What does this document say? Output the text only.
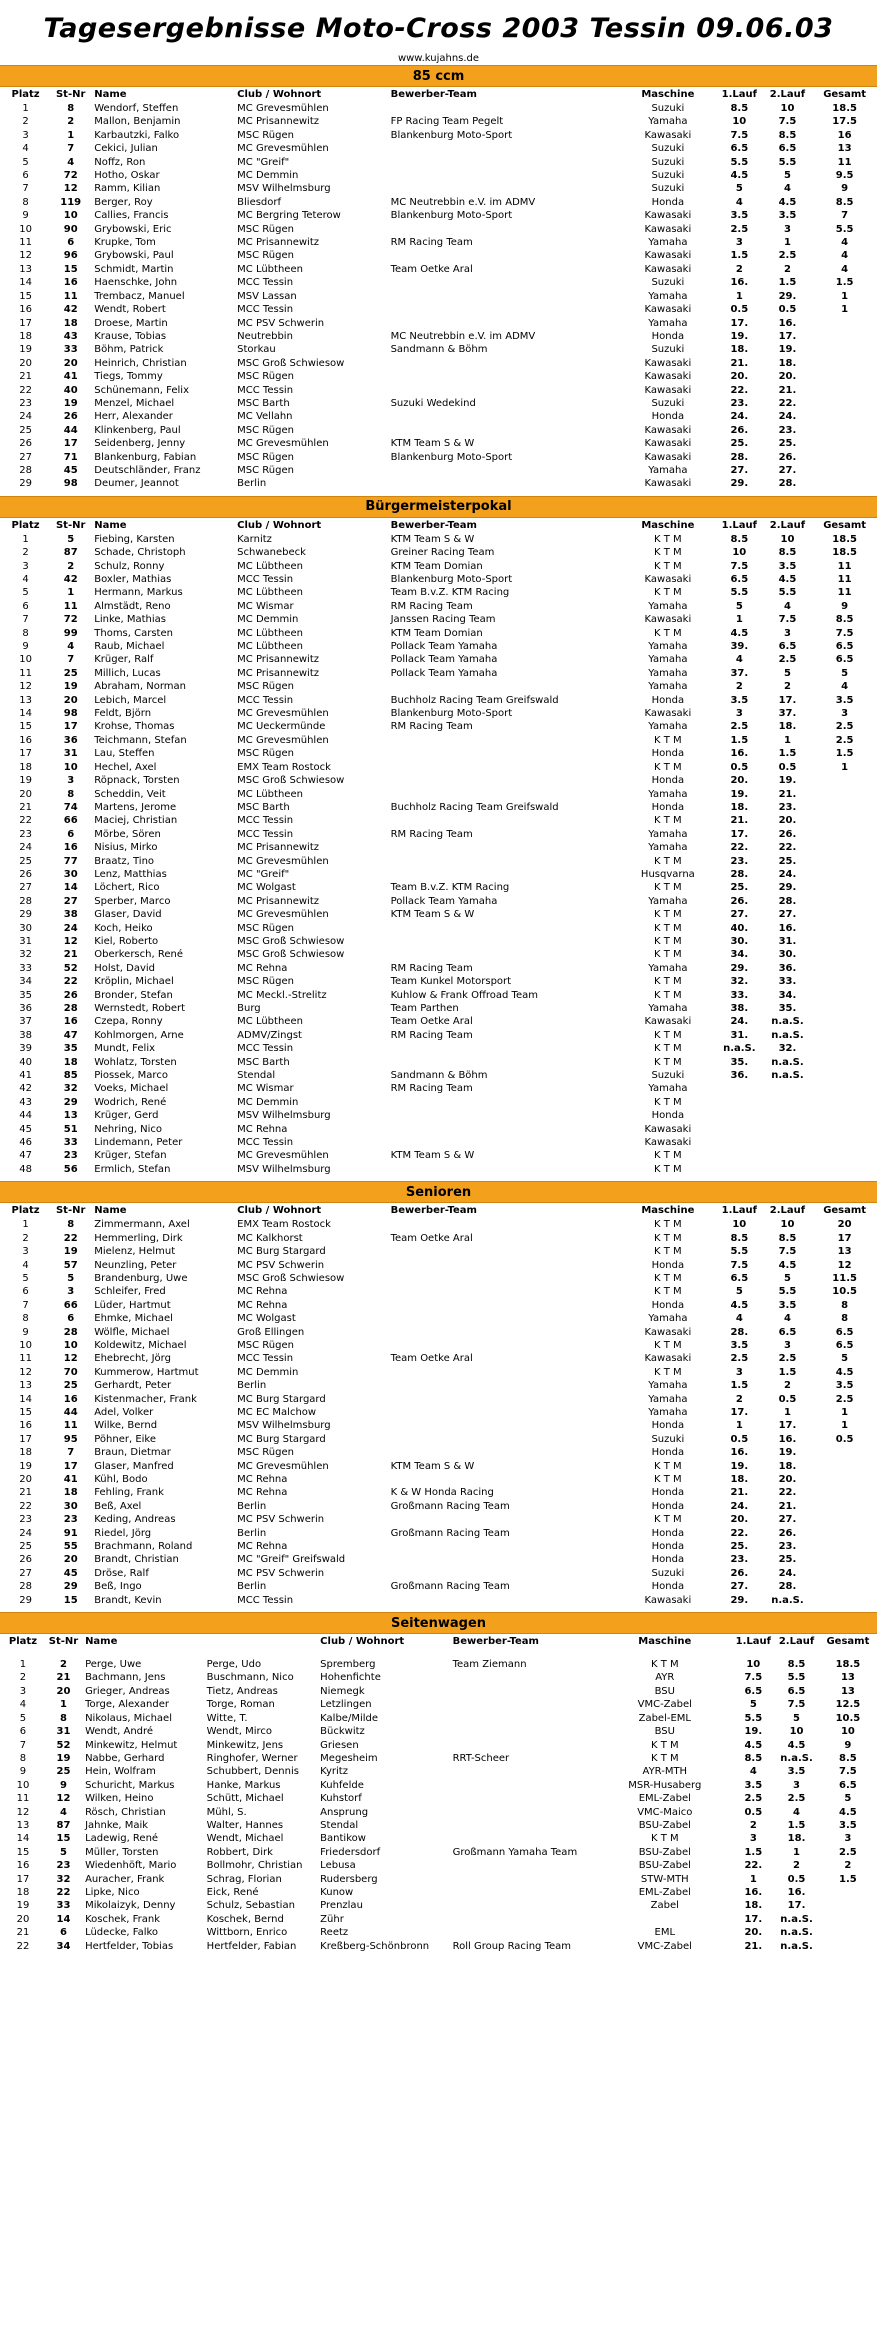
Tagesergebnisse Moto-Cross 2003 Tessin 09.06.03
www.kujahns.de
85 ccm
Platz	St-Nr	Name	Club / Wohnort	Bewerber-Team	Maschine	1.Lauf	2.Lauf	Gesamt
1	8	Wendorf, Steffen	MC Grevesmühlen		Suzuki	8.5	10	18.5
2	2	Mallon, Benjamin	MC Prisannewitz	FP Racing Team Pegelt	Yamaha	10	7.5	17.5
3	1	Karbautzki, Falko	MSC Rügen	Blankenburg Moto-Sport	Kawasaki	7.5	8.5	16
4	7	Cekici, Julian	MC Grevesmühlen		Suzuki	6.5	6.5	13
5	4	Noffz, Ron	MC "Greif"		Suzuki	5.5	5.5	11
6	72	Hotho, Oskar	MC Demmin		Suzuki	4.5	5	9.5
7	12	Ramm, Kilian	MSV Wilhelmsburg		Suzuki	5	4	9
8	119	Berger, Roy	Bliesdorf	MC Neutrebbin e.V. im ADMV	Honda	4	4.5	8.5
9	10	Callies, Francis	MC Bergring Teterow	Blankenburg Moto-Sport	Kawasaki	3.5	3.5	7
10	90	Grybowski, Eric	MSC Rügen		Kawasaki	2.5	3	5.5
11	6	Krupke, Tom	MC Prisannewitz	RM Racing Team	Yamaha	3	1	4
12	96	Grybowski, Paul	MSC Rügen		Kawasaki	1.5	2.5	4
13	15	Schmidt, Martin	MC Lübtheen	Team Oetke Aral	Kawasaki	2	2	4
14	16	Haenschke, John	MCC Tessin		Suzuki	16.	1.5	1.5
15	11	Trembacz, Manuel	MSV Lassan		Yamaha	1	29.	1
16	42	Wendt, Robert	MCC Tessin		Kawasaki	0.5	0.5	1
17	18	Droese, Martin	MC PSV Schwerin		Yamaha	17.	16.	
18	43	Krause, Tobias	Neutrebbin	MC Neutrebbin e.V. im ADMV	Honda	19.	17.	
19	33	Böhm, Patrick	Storkau	Sandmann & Böhm	Suzuki	18.	19.	
20	20	Heinrich, Christian	MSC Groß Schwiesow		Kawasaki	21.	18.	
21	41	Tiegs, Tommy	MSC Rügen		Kawasaki	20.	20.	
22	40	Schünemann, Felix	MCC Tessin		Kawasaki	22.	21.	
23	19	Menzel, Michael	MSC Barth	Suzuki Wedekind	Suzuki	23.	22.	
24	26	Herr, Alexander	MC Vellahn		Honda	24.	24.	
25	44	Klinkenberg, Paul	MSC Rügen		Kawasaki	26.	23.	
26	17	Seidenberg, Jenny	MC Grevesmühlen	KTM Team S & W	Kawasaki	25.	25.	
27	71	Blankenburg, Fabian	MSC Rügen	Blankenburg Moto-Sport	Kawasaki	28.	26.	
28	45	Deutschländer, Franz	MSC Rügen		Yamaha	27.	27.	
29	98	Deumer, Jeannot	Berlin		Kawasaki	29.	28.	
Bürgermeisterpokal
Platz	St-Nr	Name	Club / Wohnort	Bewerber-Team	Maschine	1.Lauf	2.Lauf	Gesamt
1	5	Fiebing, Karsten	Karnitz	KTM Team S & W	K T M	8.5	10	18.5
2	87	Schade, Christoph	Schwanebeck	Greiner Racing Team	K T M	10	8.5	18.5
3	2	Schulz, Ronny	MC Lübtheen	KTM Team Domian	K T M	7.5	3.5	11
4	42	Boxler, Mathias	MCC Tessin	Blankenburg Moto-Sport	Kawasaki	6.5	4.5	11
5	1	Hermann, Markus	MC Lübtheen	Team B.v.Z. KTM Racing	K T M	5.5	5.5	11
6	11	Almstädt, Reno	MC Wismar	RM Racing Team	Yamaha	5	4	9
7	72	Linke, Mathias	MC Demmin	Janssen Racing Team	Kawasaki	1	7.5	8.5
8	99	Thoms, Carsten	MC Lübtheen	KTM Team Domian	K T M	4.5	3	7.5
9	4	Raub, Michael	MC Lübtheen	Pollack Team Yamaha	Yamaha	39.	6.5	6.5
10	7	Krüger, Ralf	MC Prisannewitz	Pollack Team Yamaha	Yamaha	4	2.5	6.5
11	25	Millich, Lucas	MC Prisannewitz	Pollack Team Yamaha	Yamaha	37.	5	5
12	19	Abraham, Norman	MSC Rügen		Yamaha	2	2	4
13	20	Lebich, Marcel	MCC Tessin	Buchholz Racing Team Greifswald	Honda	3.5	17.	3.5
14	98	Feldt, Björn	MC Grevesmühlen	Blankenburg Moto-Sport	Kawasaki	3	37.	3
15	17	Krohse, Thomas	MC Ueckermünde	RM Racing Team	Yamaha	2.5	18.	2.5
16	36	Teichmann, Stefan	MC Grevesmühlen		K T M	1.5	1	2.5
17	31	Lau, Steffen	MSC Rügen		Honda	16.	1.5	1.5
18	10	Hechel, Axel	EMX Team Rostock		K T M	0.5	0.5	1
19	3	Röpnack, Torsten	MSC Groß Schwiesow		Honda	20.	19.	
20	8	Scheddin, Veit	MC Lübtheen		Yamaha	19.	21.	
21	74	Martens, Jerome	MSC Barth	Buchholz Racing Team Greifswald	Honda	18.	23.	
22	66	Maciej, Christian	MCC Tessin		K T M	21.	20.	
23	6	Mörbe, Sören	MCC Tessin	RM Racing Team	Yamaha	17.	26.	
24	16	Nisius, Mirko	MC Prisannewitz		Yamaha	22.	22.	
25	77	Braatz, Tino	MC Grevesmühlen		K T M	23.	25.	
26	30	Lenz, Matthias	MC "Greif"		Husqvarna	28.	24.	
27	14	Löchert, Rico	MC Wolgast	Team B.v.Z. KTM Racing	K T M	25.	29.	
28	27	Sperber, Marco	MC Prisannewitz	Pollack Team Yamaha	Yamaha	26.	28.	
29	38	Glaser, David	MC Grevesmühlen	KTM Team S & W	K T M	27.	27.	
30	24	Koch, Heiko	MSC Rügen		K T M	40.	16.	
31	12	Kiel, Roberto	MSC Groß Schwiesow		K T M	30.	31.	
32	21	Oberkersch, René	MSC Groß Schwiesow		K T M	34.	30.	
33	52	Holst, David	MC Rehna	RM Racing Team	Yamaha	29.	36.	
34	22	Kröplin, Michael	MSC Rügen	Team Kunkel Motorsport	K T M	32.	33.	
35	26	Bronder, Stefan	MC Meckl.-Strelitz	Kuhlow & Frank Offroad Team	K T M	33.	34.	
36	28	Wernstedt, Robert	Burg	Team Parthen	Yamaha	38.	35.	
37	16	Czepa, Ronny	MC Lübtheen	Team Oetke Aral	Kawasaki	24.	n.a.S.	
38	47	Kohlmorgen, Arne	ADMV/Zingst	RM Racing Team	K T M	31.	n.a.S.	
39	35	Mundt, Felix	MCC Tessin		K T M	n.a.S.	32.	
40	18	Wohlatz, Torsten	MSC Barth		K T M	35.	n.a.S.	
41	85	Piossek, Marco	Stendal	Sandmann & Böhm	Suzuki	36.	n.a.S.	
42	32	Voeks, Michael	MC Wismar	RM Racing Team	Yamaha			
43	29	Wodrich, René	MC Demmin		K T M			
44	13	Krüger, Gerd	MSV Wilhelmsburg		Honda			
45	51	Nehring, Nico	MC Rehna		Kawasaki			
46	33	Lindemann, Peter	MCC Tessin		Kawasaki			
47	23	Krüger, Stefan	MC Grevesmühlen	KTM Team S & W	K T M			
48	56	Ermlich, Stefan	MSV Wilhelmsburg		K T M			
Senioren
Platz	St-Nr	Name	Club / Wohnort	Bewerber-Team	Maschine	1.Lauf	2.Lauf	Gesamt
1	8	Zimmermann, Axel	EMX Team Rostock		K T M	10	10	20
2	22	Hemmerling, Dirk	MC Kalkhorst	Team Oetke Aral	K T M	8.5	8.5	17
3	19	Mielenz, Helmut	MC Burg Stargard		K T M	5.5	7.5	13
4	57	Neunzling, Peter	MC PSV Schwerin		Honda	7.5	4.5	12
5	5	Brandenburg, Uwe	MSC Groß Schwiesow		K T M	6.5	5	11.5
6	3	Schleifer, Fred	MC Rehna		K T M	5	5.5	10.5
7	66	Lüder, Hartmut	MC Rehna		Honda	4.5	3.5	8
8	6	Ehmke, Michael	MC Wolgast		Yamaha	4	4	8
9	28	Wölfle, Michael	Groß Ellingen		Kawasaki	28.	6.5	6.5
10	10	Koldewitz, Michael	MSC Rügen		K T M	3.5	3	6.5
11	12	Ehebrecht, Jörg	MCC Tessin	Team Oetke Aral	Kawasaki	2.5	2.5	5
12	70	Kummerow, Hartmut	MC Demmin		K T M	3	1.5	4.5
13	25	Gerhardt, Peter	Berlin		Yamaha	1.5	2	3.5
14	16	Kistenmacher, Frank	MC Burg Stargard		Yamaha	2	0.5	2.5
15	44	Adel, Volker	MC EC Malchow		Yamaha	17.	1	1
16	11	Wilke, Bernd	MSV Wilhelmsburg		Honda	1	17.	1
17	95	Pöhner, Eike	MC Burg Stargard		Suzuki	0.5	16.	0.5
18	7	Braun, Dietmar	MSC Rügen		Honda	16.	19.	
19	17	Glaser, Manfred	MC Grevesmühlen	KTM Team S & W	K T M	19.	18.	
20	41	Kühl, Bodo	MC Rehna		K T M	18.	20.	
21	18	Fehling, Frank	MC Rehna	K & W Honda Racing	Honda	21.	22.	
22	30	Beß, Axel	Berlin	Großmann Racing Team	Honda	24.	21.	
23	23	Keding, Andreas	MC PSV Schwerin		K T M	20.	27.	
24	91	Riedel, Jörg	Berlin	Großmann Racing Team	Honda	22.	26.	
25	55	Brachmann, Roland	MC Rehna		Honda	25.	23.	
26	20	Brandt, Christian	MC "Greif" Greifswald		Honda	23.	25.	
27	45	Dröse, Ralf	MC PSV Schwerin		Suzuki	26.	24.	
28	29	Beß, Ingo	Berlin	Großmann Racing Team	Honda	27.	28.	
29	15	Brandt, Kevin	MCC Tessin		Kawasaki	29.	n.a.S.	
Seitenwagen
Platz	St-Nr	Name		Club / Wohnort	Bewerber-Team	Maschine	1.Lauf	2.Lauf	Gesamt

1	2	Perge, Uwe	Perge, Udo	Spremberg	Team Ziemann	K T M	10	8.5	18.5
2	21	Bachmann, Jens	Buschmann, Nico	Hohenfichte		AYR	7.5	5.5	13
3	20	Grieger, Andreas	Tietz, Andreas	Niemegk		BSU	6.5	6.5	13
4	1	Torge, Alexander	Torge, Roman	Letzlingen		VMC-Zabel	5	7.5	12.5
5	8	Nikolaus, Michael	Witte, T.	Kalbe/Milde		Zabel-EML	5.5	5	10.5
6	31	Wendt, André	Wendt, Mirco	Bückwitz		BSU	19.	10	10
7	52	Minkewitz, Helmut	Minkewitz, Jens	Griesen		K T M	4.5	4.5	9
8	19	Nabbe, Gerhard	Ringhofer, Werner	Megesheim	RRT-Scheer	K T M	8.5	n.a.S.	8.5
9	25	Hein, Wolfram	Schubbert, Dennis	Kyritz		AYR-MTH	4	3.5	7.5
10	9	Schuricht, Markus	Hanke, Markus	Kuhfelde		MSR-Husaberg	3.5	3	6.5
11	12	Wilken, Heino	Schütt, Michael	Kuhstorf		EML-Zabel	2.5	2.5	5
12	4	Rösch, Christian	Mühl, S.	Ansprung		VMC-Maico	0.5	4	4.5
13	87	Jahnke, Maik	Walter, Hannes	Stendal		BSU-Zabel	2	1.5	3.5
14	15	Ladewig, René	Wendt, Michael	Bantikow		K T M	3	18.	3
15	5	Müller, Torsten	Robbert, Dirk	Friedersdorf	Großmann Yamaha Team	BSU-Zabel	1.5	1	2.5
16	23	Wiedenhöft, Mario	Bollmohr, Christian	Lebusa		BSU-Zabel	22.	2	2
17	32	Auracher, Frank	Schrag, Florian	Rudersberg		STW-MTH	1	0.5	1.5
18	22	Lipke, Nico	Eick, René	Kunow		EML-Zabel	16.	16.	
19	33	Mikolaizyk, Denny	Schulz, Sebastian	Prenzlau		Zabel	18.	17.	
20	14	Koschek, Frank	Koschek, Bernd	Zühr			17.	n.a.S.	
21	6	Lüdecke, Falko	Wittborn, Enrico	Reetz		EML	20.	n.a.S.	
22	34	Hertfelder, Tobias	Hertfelder, Fabian	Kreßberg-Schönbronn	Roll Group Racing Team	VMC-Zabel	21.	n.a.S.	
